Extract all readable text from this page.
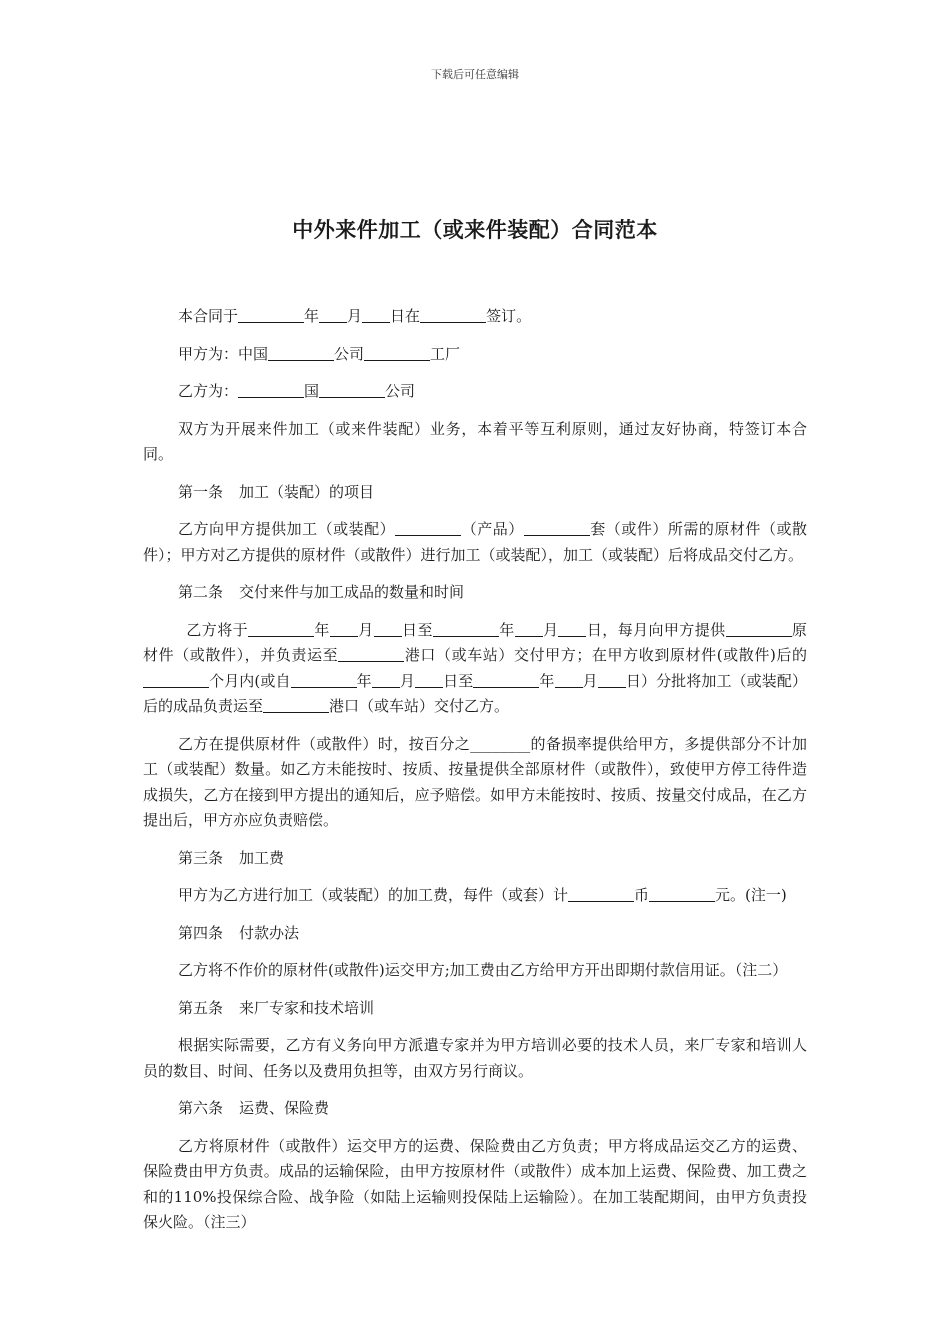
下载后可任意编辑
中外来件加工（或来件装配）合同范本

本合同于	年 月 日在	签订。

甲方为：中国	公司	工厂

乙方为：	国	公司

双方为开展来件加工（或来件装配）业务，本着平等互利原则，通过友好协商，特签订本合同。

第一条 加工（装配）的项目

乙方向甲方提供加工（或装配）	（产品）	套（或件）所需的原材件（或散件）；甲方对乙方提供的原材件（或散件）进行加工（或装配），加工（或装配）后将成品交付乙方。

第二条 交付来件与加工成品的数量和时间

乙方将于	年 月 日至	年 月 日，每月向甲方提供	原材件（或散件），并负责运至	港口（或车站）交付甲方；在甲方收到原材件(或散件)后的个月内(或自	年 月 日至	年 月 日）分批将加工（或装配）后的成品负责运至	港口（或车站）交付乙方。

乙方在提供原材件（或散件）时，按百分之________的备损率提供给甲方，多提供部分不计加工（或装配）数量。如乙方未能按时、按质、按量提供全部原材件（或散件），致使甲方停工待件造成损失，乙方在接到甲方提出的通知后，应予赔偿。如甲方未能按时、按质、按量交付成品，在乙方提出后，甲方亦应负责赔偿。

第三条 加工费

甲方为乙方进行加工（或装配）的加工费，每件（或套）计	币	元。(注一)

第四条 付款办法

乙方将不作价的原材件(或散件)运交甲方;加工费由乙方给甲方开出即期付款信用证。（注二）

第五条 来厂专家和技术培训

根据实际需要，乙方有义务向甲方派遣专家并为甲方培训必要的技术人员，来厂专家和培训人员的数目、时间、任务以及费用负担等，由双方另行商议。

第六条 运费、保险费

乙方将原材件（或散件）运交甲方的运费、保险费由乙方负责；甲方将成品运交乙方的运费、保险费由甲方负责。成品的运输保险，由甲方按原材件（或散件）成本加上运费、保险费、加工费之和的110%投保综合险、战争险（如陆上运输则投保陆上运输险）。在加工装配期间，由甲方负责投保火险。（注三）
